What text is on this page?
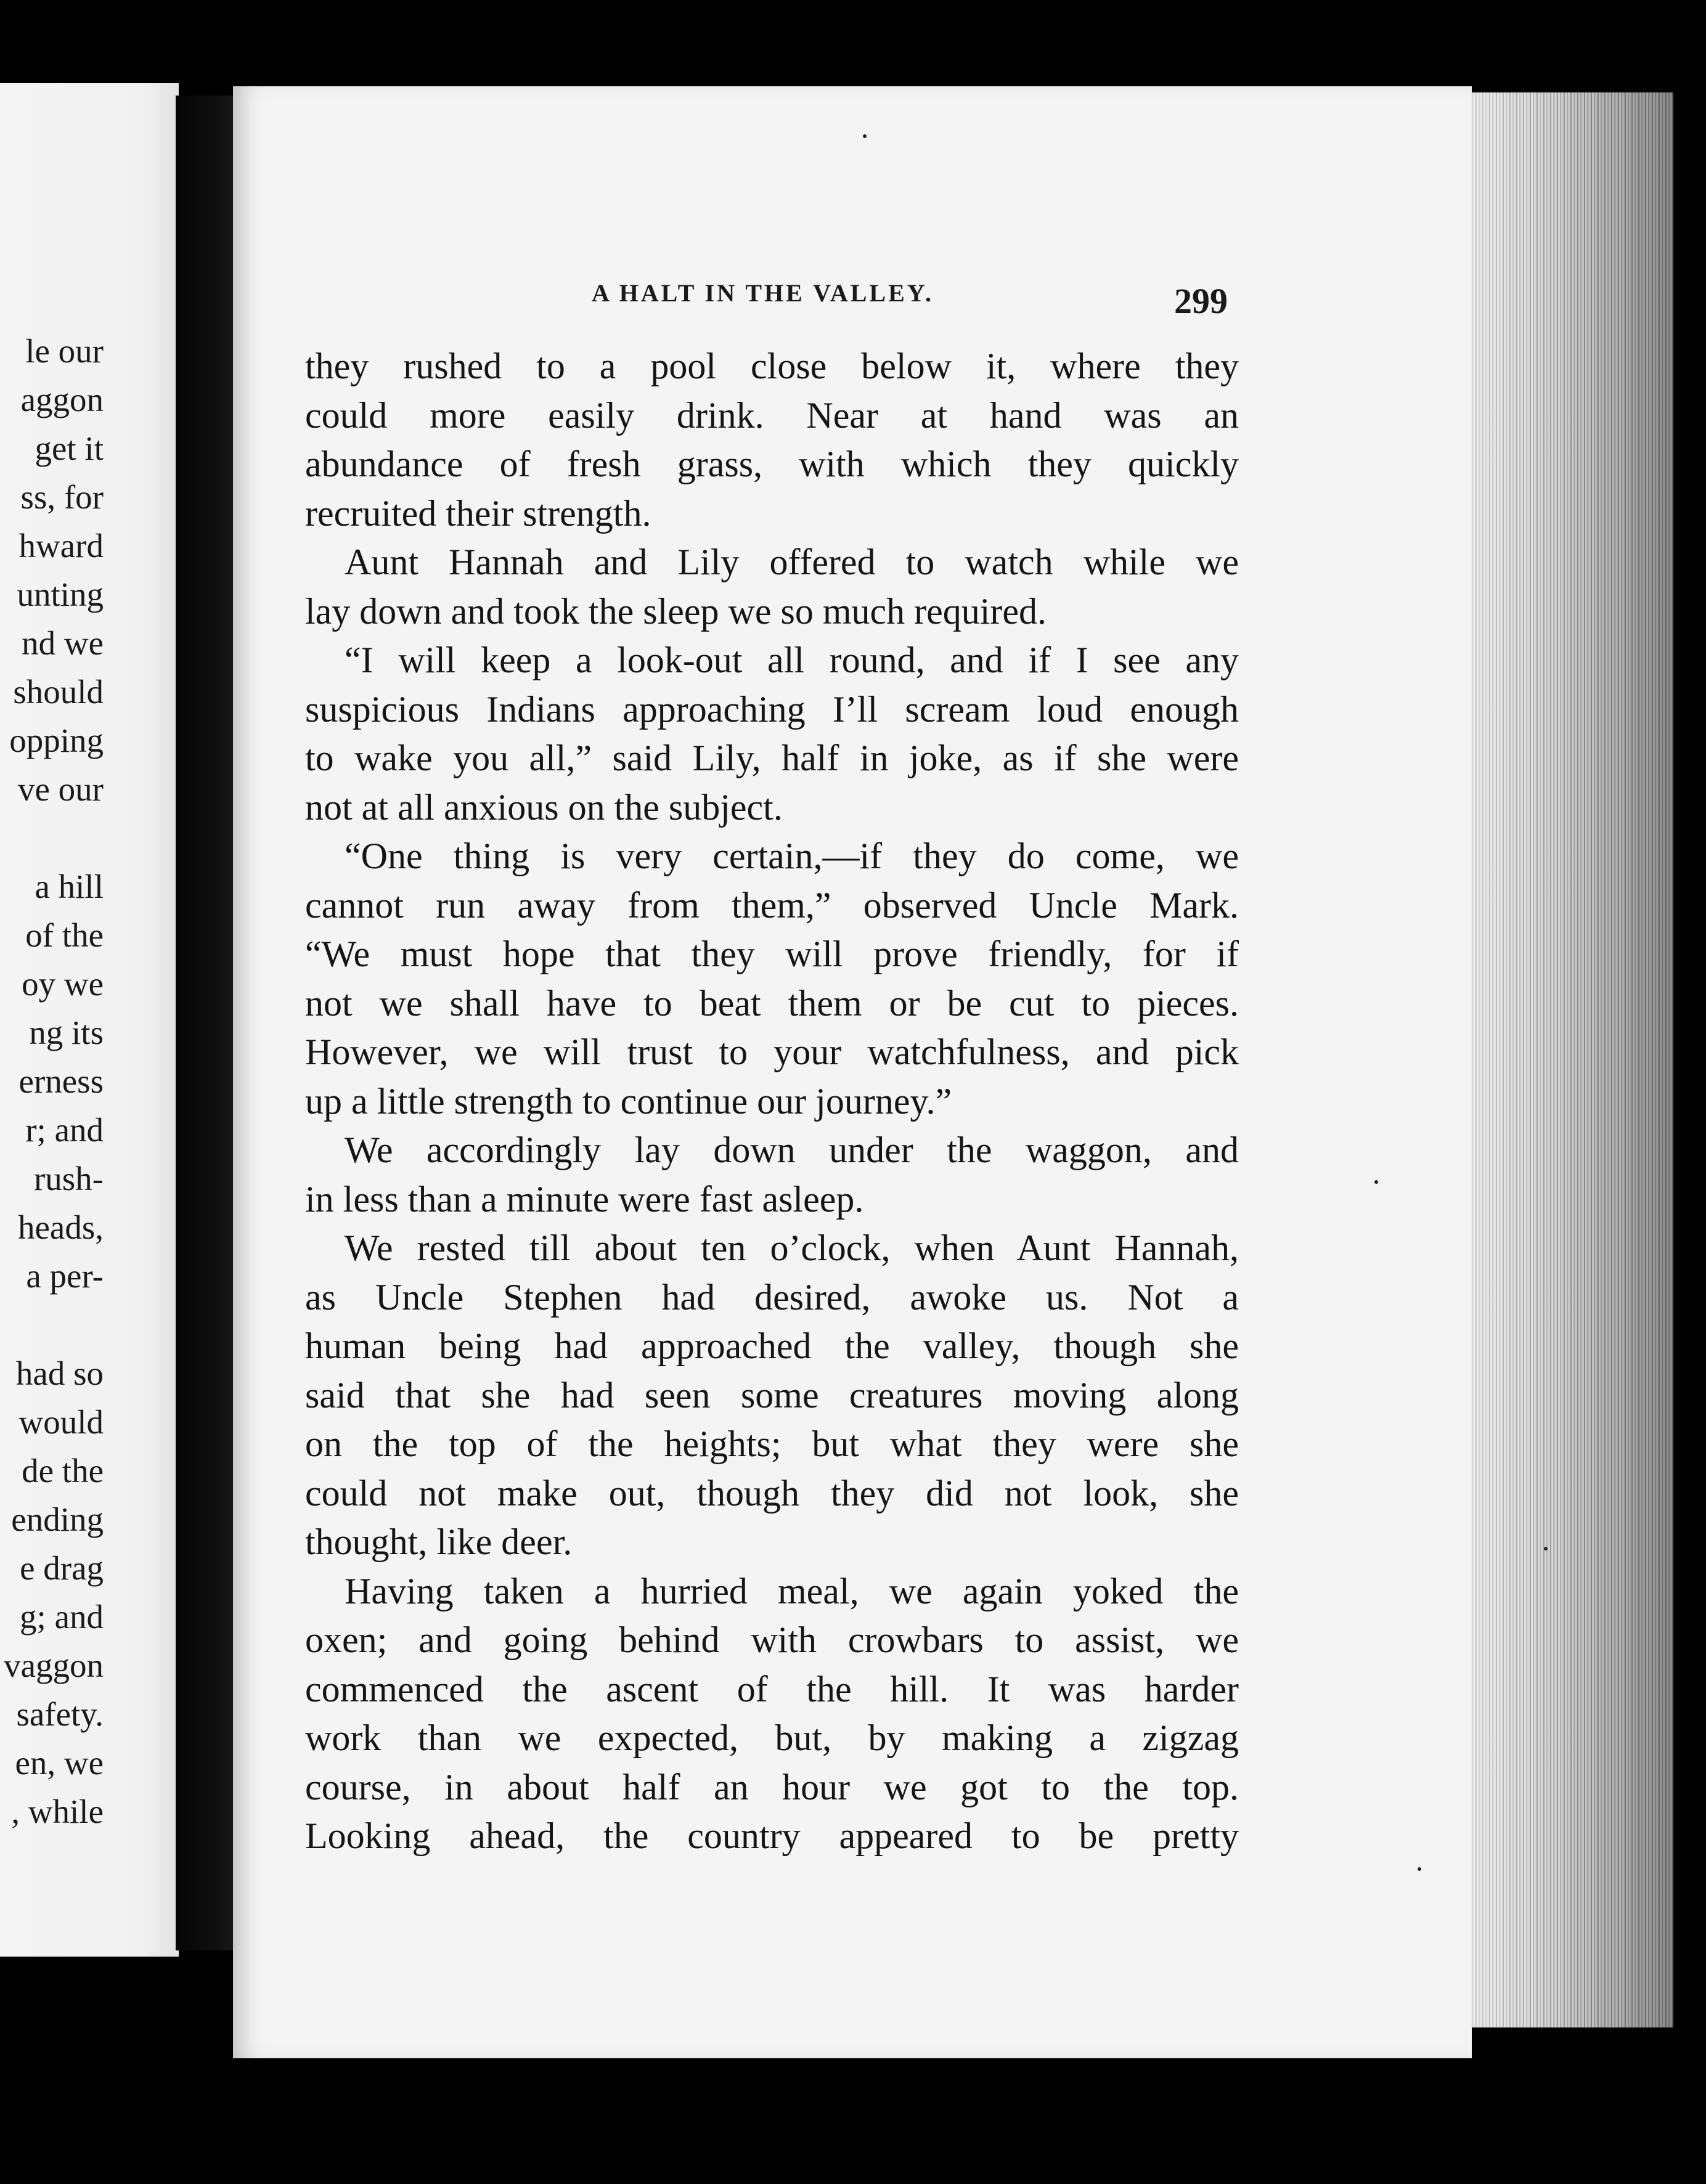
le our
aggon
get it
ss, for
hward
unting
nd we
should
opping
ve our
a hill
of the
oy we
ng its
erness
r; and
rush-
heads,
a per-
had so
would
de the
ending
e drag
g; and
vaggon
safety.
en, we
, while
A HALT IN THE VALLEY.	299
they rushed to a pool close below it, where they
could more easily drink. Near at hand was an
abundance of fresh grass, with which they quickly
recruited their strength.
Aunt Hannah and Lily offered to watch while we
lay down and took the sleep we so much required.
“I will keep a look-out all round, and if I see any
suspicious Indians approaching I’ll scream loud enough
to wake you all,” said Lily, half in joke, as if she were
not at all anxious on the subject.
“One thing is very certain,—if they do come, we
cannot run away from them,” observed Uncle Mark.
“We must hope that they will prove friendly, for if
not we shall have to beat them or be cut to pieces.
However, we will trust to your watchfulness, and pick
up a little strength to continue our journey.”
We accordingly lay down under the waggon, and
in less than a minute were fast asleep.
We rested till about ten o’clock, when Aunt Hannah,
as Uncle Stephen had desired, awoke us. Not a
human being had approached the valley, though she
said that she had seen some creatures moving along
on the top of the heights; but what they were she
could not make out, though they did not look, she
thought, like deer.
Having taken a hurried meal, we again yoked the
oxen; and going behind with crowbars to assist, we
commenced the ascent of the hill. It was harder
work than we expected, but, by making a zigzag
course, in about half an hour we got to the top.
Looking ahead, the country appeared to be pretty
